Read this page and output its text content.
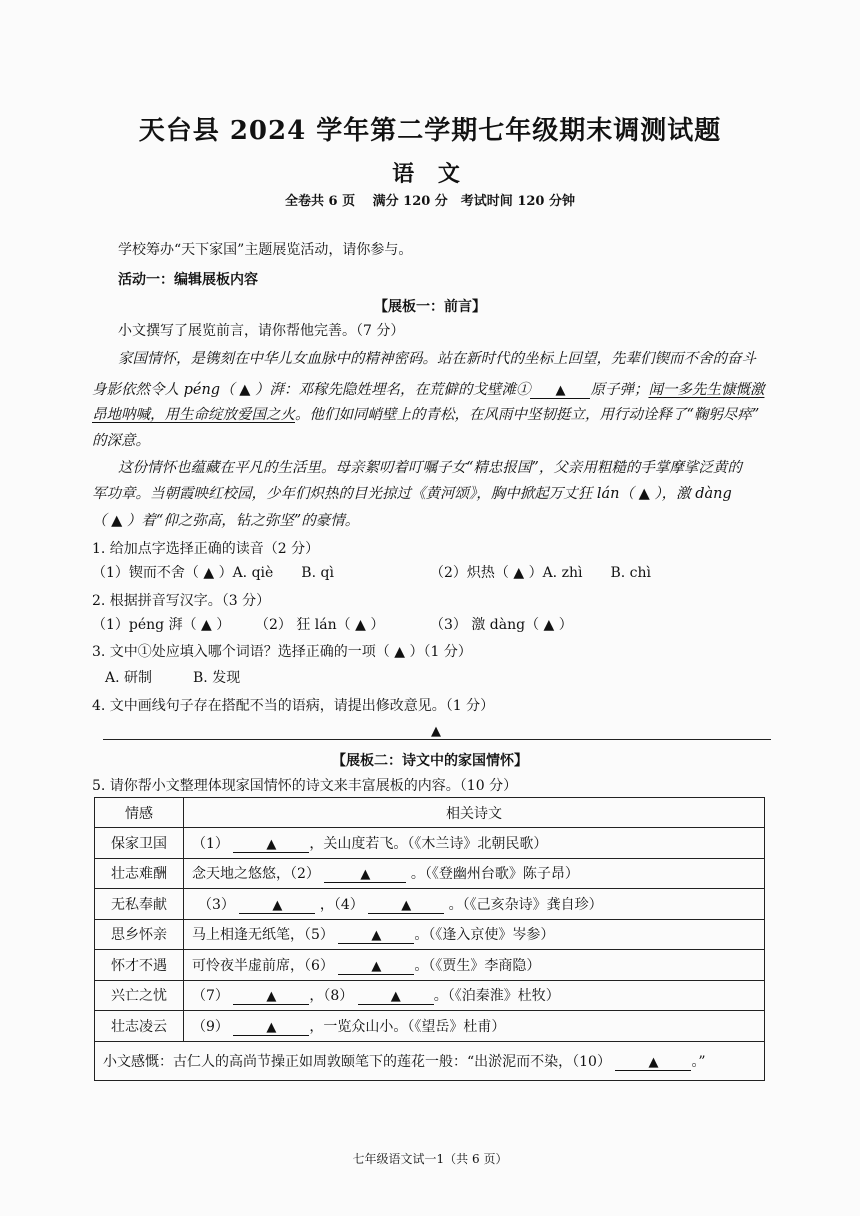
天台县 2024 学年第二学期七年级期末调测试题
语 文
全卷共 6 页　 满分 120 分　考试时间 120 分钟
学校筹办“天下家国”主题展览活动，请你参与。
活动一：编辑展板内容
【展板一：前言】
小文撰写了展览前言，请你帮他完善。（7 分）
家国情怀，是镌刻在中华儿女血脉中的精神密码。站在新时代的坐标上回望，先辈们锲而不舍的奋斗
身影依然令人 péng（ ▲ ）湃：邓稼先隐姓埋名，在荒僻的戈壁滩① ▲ 原子弹；闻一多先生慷慨激
昂地呐喊，用生命绽放爱国之火。他们如同峭壁上的青松，在风雨中坚韧挺立，用行动诠释了“鞠躬尽瘁”
的深意。
这份情怀也蕴藏在平凡的生活里。母亲絮叨着叮嘱子女“精忠报国”，父亲用粗糙的手掌摩挲泛黄的
军功章。当朝霞映红校园，少年们炽热的目光掠过《黄河颂》，胸中掀起万丈狂 lán（ ▲ ），激 dàng
（ ▲ ）着“仰之弥高，钻之弥坚”的豪情。
1. 给加点字选择正确的读音（2 分）
（1）锲而不舍（ ▲ ）A. qiè　　B. qì	（2）炽热（ ▲ ）A. zhì　　B. chì
2. 根据拼音写汉字。（3 分）
（1）péng 湃（ ▲ ） （2） 狂 lán（ ▲ ）	（3） 激 dàng（ ▲ ）
3. 文中①处应填入哪个词语？选择正确的一项（ ▲ ）（1 分）
A. 研制	B. 发现
4. 文中画线句子存在搭配不当的语病，请提出修改意见。（1 分）
▲
【展板二：诗文中的家国情怀】
5. 请你帮小文整理体现家国情怀的诗文来丰富展板的内容。（10 分）
情感	相关诗文
保家卫国	（1） ▲ ，关山度若飞。（《木兰诗》北朝民歌）
壮志难酬	念天地之悠悠，（2） ▲ 。（《登幽州台歌》陈子昂）
无私奉献	（3） ▲ ，（4） ▲ 。（《己亥杂诗》龚自珍）
思乡怀亲	马上相逢无纸笔，（5） ▲ 。（《逢入京使》岑参）
怀才不遇	可怜夜半虚前席，（6） ▲ 。（《贾生》李商隐）
兴亡之忧	（7） ▲ ，（8） ▲ 。（《泊秦淮》杜牧）
壮志凌云	（9） ▲ ，一览众山小。（《望岳》杜甫）
小文感慨：古仁人的高尚节操正如周敦颐笔下的莲花一般：“出淤泥而不染，（10） ▲ 。”	
七年级语文试一1（共 6 页）
